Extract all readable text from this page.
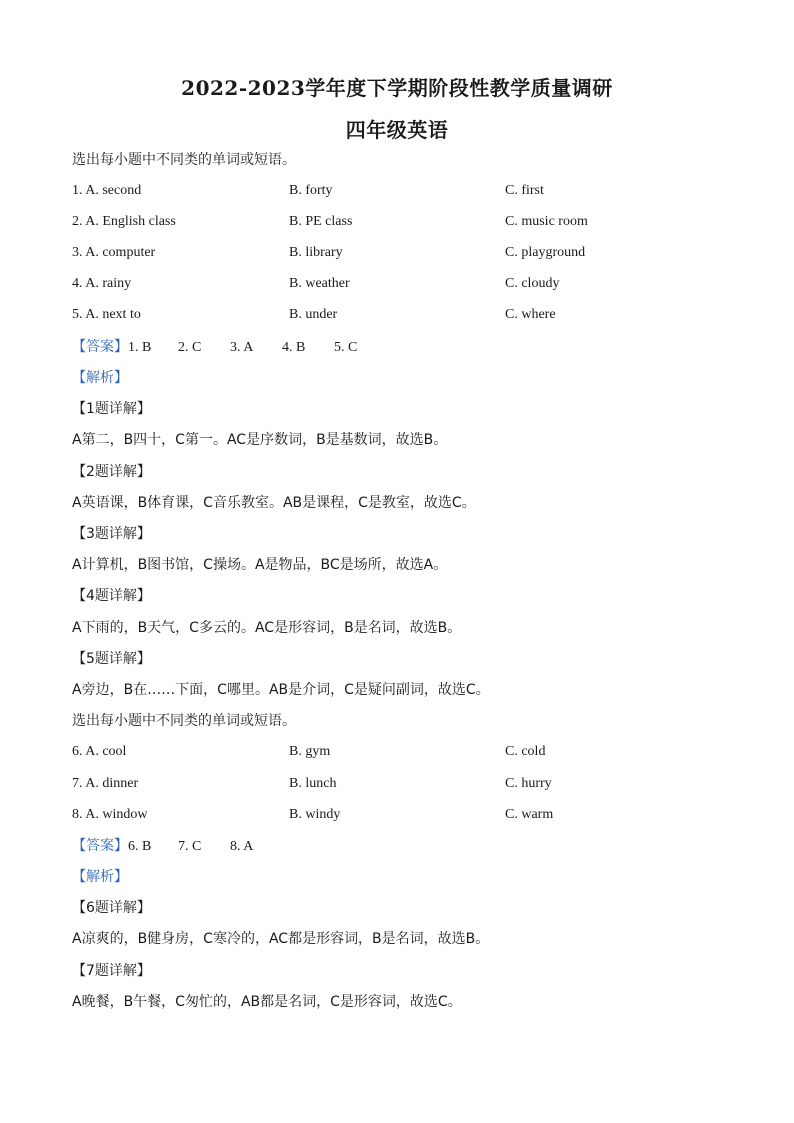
2022-2023学年度下学期阶段性教学质量调研
四年级英语
选出每小题中不同类的单词或短语。
1. A. second	B. forty	C. first
2. A. English class	B. PE class	C. music room
3. A. computer	B. library	C. playground
4. A. rainy	B. weather	C. cloudy
5. A. next to	B. under	C. where
【答案】1. B 2. C 3. A 4. B 5. C
【解析】
【1题详解】
A第二，B四十，C第一。AC是序数词，B是基数词，故选B。
【2题详解】
A英语课，B体育课，C音乐教室。AB是课程，C是教室，故选C。
【3题详解】
A计算机，B图书馆，C操场。A是物品，BC是场所，故选A。
【4题详解】
A下雨的，B天气，C多云的。AC是形容词，B是名词，故选B。
【5题详解】
A旁边，B在……下面，C哪里。AB是介词，C是疑问副词，故选C。
选出每小题中不同类的单词或短语。
6. A. cool	B. gym	C. cold
7. A. dinner	B. lunch	C. hurry
8. A. window	B. windy	C. warm
【答案】6. B 7. C 8. A
【解析】
【6题详解】
A凉爽的，B健身房，C寒冷的，AC都是形容词，B是名词，故选B。
【7题详解】
A晚餐，B午餐，C匆忙的，AB都是名词，C是形容词，故选C。
